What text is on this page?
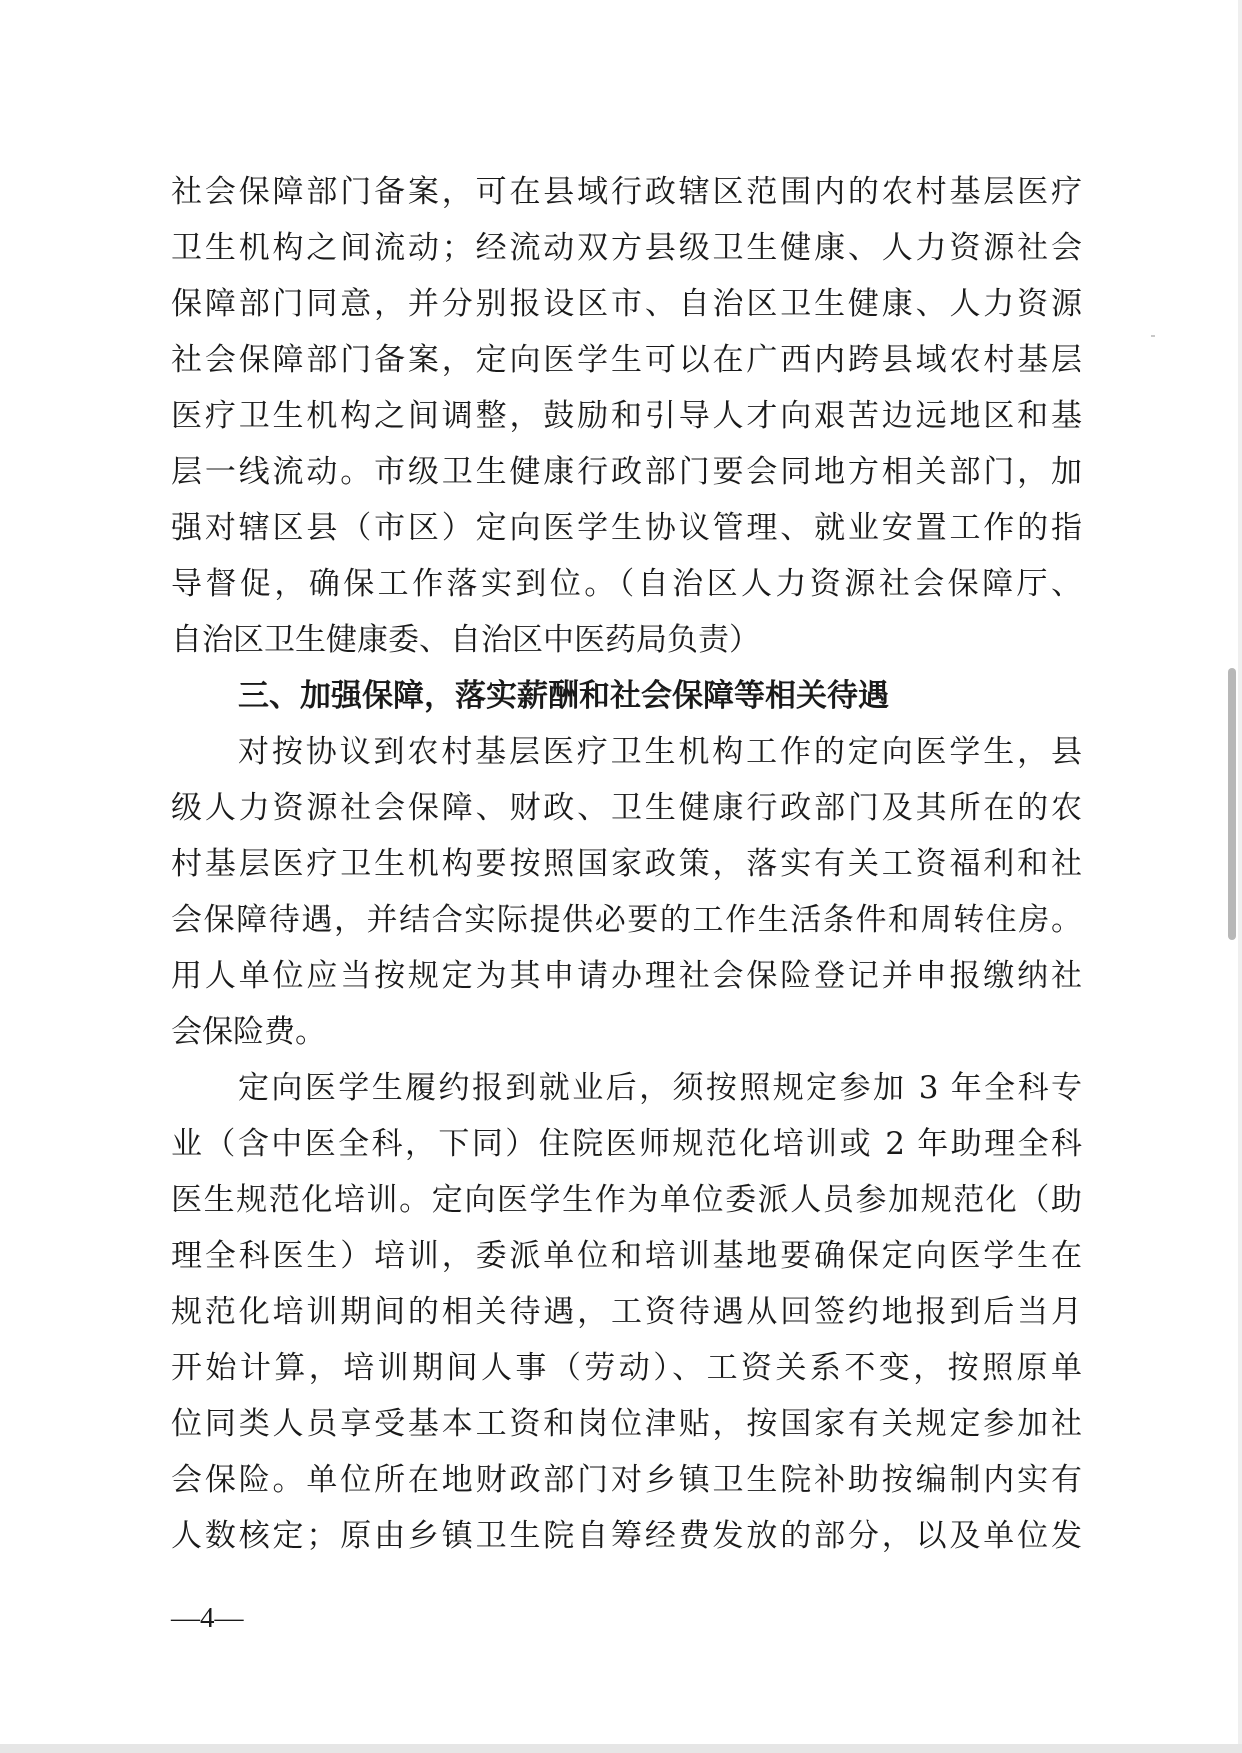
社会保障部门备案，可在县域行政辖区范围内的农村基层医疗
卫生机构之间流动；经流动双方县级卫生健康、人力资源社会
保障部门同意，并分别报设区市、自治区卫生健康、人力资源
社会保障部门备案，定向医学生可以在广西内跨县域农村基层
医疗卫生机构之间调整，鼓励和引导人才向艰苦边远地区和基
层一线流动。市级卫生健康行政部门要会同地方相关部门，加
强对辖区县（市区）定向医学生协议管理、就业安置工作的指
导督促，确保工作落实到位。（自治区人力资源社会保障厅、
自治区卫生健康委、自治区中医药局负责）
三、加强保障，落实薪酬和社会保障等相关待遇
对按协议到农村基层医疗卫生机构工作的定向医学生，县
级人力资源社会保障、财政、卫生健康行政部门及其所在的农
村基层医疗卫生机构要按照国家政策，落实有关工资福利和社
会保障待遇，并结合实际提供必要的工作生活条件和周转住房。
用人单位应当按规定为其申请办理社会保险登记并申报缴纳社
会保险费。
定向医学生履约报到就业后，须按照规定参加 3 年全科专
业（含中医全科，下同）住院医师规范化培训或 2 年助理全科
医生规范化培训。定向医学生作为单位委派人员参加规范化（助
理全科医生）培训，委派单位和培训基地要确保定向医学生在
规范化培训期间的相关待遇，工资待遇从回签约地报到后当月
开始计算，培训期间人事（劳动）、工资关系不变，按照原单
位同类人员享受基本工资和岗位津贴，按国家有关规定参加社
会保险。单位所在地财政部门对乡镇卫生院补助按编制内实有
人数核定；原由乡镇卫生院自筹经费发放的部分，以及单位发
—4—
